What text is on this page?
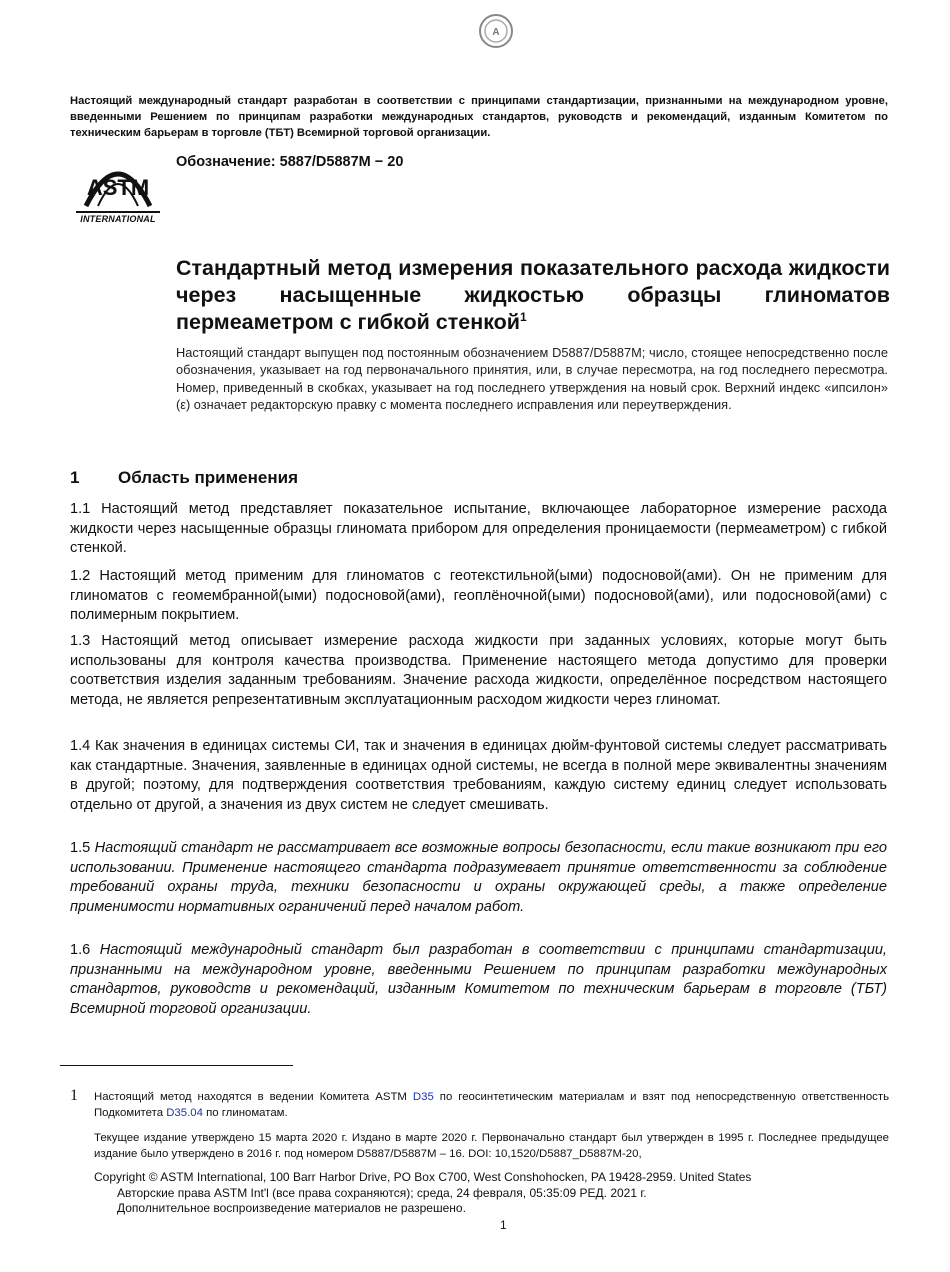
A
Настоящий международный стандарт разработан в соответствии с принципами стандартизации, признанными на международном уровне, введенными Решением по принципам разработки международных стандартов, руководств и рекомендаций, изданным Комитетом по техническим барьерам в торговле (ТБТ) Всемирной торговой организации.
ASTM
INTERNATIONAL
Обозначение: 5887/D5887M − 20
Стандартный метод измерения показательного расхода жидкости через насыщенные жидкостью образцы глиноматов пермеаметром с гибкой стенкой$^1$
Настоящий стандарт выпущен под постоянным обозначением D5887/D5887M; число, стоящее непосредственно после обозначения, указывает на год первоначального принятия, или, в случае пересмотра, на год последнего пересмотра. Номер, приведенный в скобках, указывает на год последнего утверждения на новый срок. Верхний индекс «ипсилон» (ε) означает редакторскую правку с момента последнего исправления или переутверждения.
1 Область применения
1.1 Настоящий метод представляет показательное испытание, включающее лабораторное измерение расхода жидкости через насыщенные образцы глиномата прибором для определения проницаемости (пермеаметром) с гибкой стенкой.
1.2 Настоящий метод применим для глиноматов с геотекстильной(ыми) подосновой(ами). Он не применим для глиноматов с геомембранной(ыми) подосновой(ами), геоплёночной(ыми) подосновой(ами), или подосновой(ами) с полимерным покрытием.
1.3 Настоящий метод описывает измерение расхода жидкости при заданных условиях, которые могут быть использованы для контроля качества производства. Применение настоящего метода допустимо для проверки соответствия изделия заданным требованиям. Значение расхода жидкости, определённое посредством настоящего метода, не является репрезентативным эксплуатационным расходом жидкости через глиномат.
1.4 Как значения в единицах системы СИ, так и значения в единицах дюйм-фунтовой системы следует рассматривать как стандартные. Значения, заявленные в единицах одной системы, не всегда в полной мере эквивалентны значениям в другой; поэтому, для подтверждения соответствия требованиям, каждую систему единиц следует использовать отдельно от другой, а значения из двух систем не следует смешивать.
1.5 Настоящий стандарт не рассматривает все возможные вопросы безопасности, если такие возникают при его использовании. Применение настоящего стандарта подразумевает принятие ответственности за соблюдение требований охраны труда, техники безопасности и охраны окружающей среды, а также определение применимости нормативных ограничений перед началом работ.
1.6 Настоящий международный стандарт был разработан в соответствии с принципами стандартизации, признанными на международном уровне, введенными Решением по принципам разработки международных стандартов, руководств и рекомендаций, изданным Комитетом по техническим барьерам в торговле (ТБТ) Всемирной торговой организации.
1 Настоящий метод находятся в ведении Комитета ASTM D35 по геосинтетическим материалам и взят под непосредственную ответственность Подкомитета D35.04 по глиноматам.
Текущее издание утверждено 15 марта 2020 г. Издано в марте 2020 г. Первоначально стандарт был утвержден в 1995 г. Последнее предыдущее издание было утверждено в 2016 г. под номером D5887/D5887M – 16. DOI: 10,1520/D5887_D5887M-20,
Copyright © ASTM International, 100 Barr Harbor Drive, PO Box C700, West Conshohocken, PA 19428-2959. United States
Авторские права ASTM Int'l (все права сохраняются); среда, 24 февраля, 05:35:09 РЕД. 2021 г.
Дополнительное воспроизведение материалов не разрешено.
1
